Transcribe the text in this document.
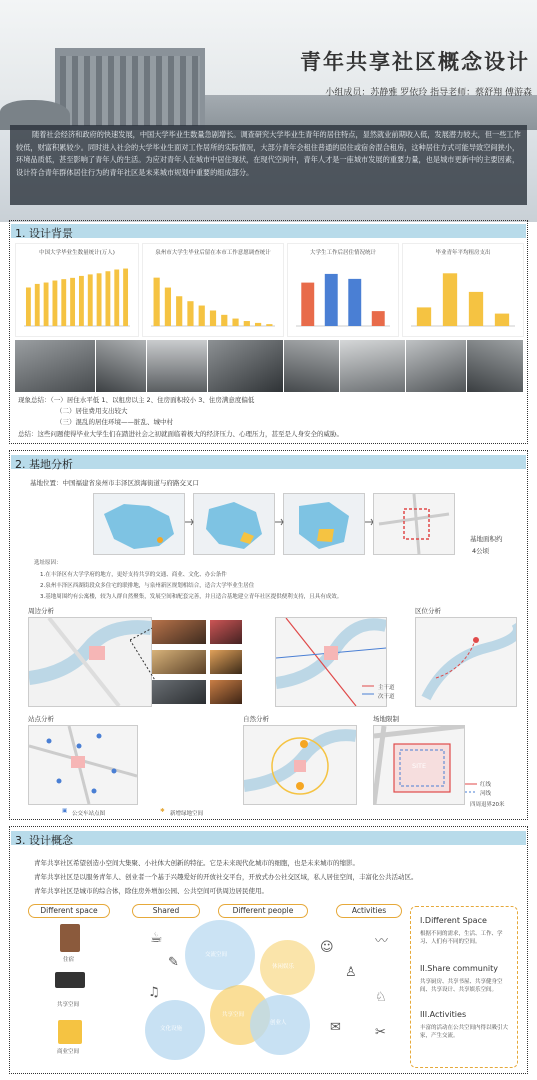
青年共享社区概念设计
小组成员：苏静雅 罗依玲 指导老师：蔡舒翔 傅游森
随着社会经济和政府的快速发展，中国大学毕业生数量急剧增长。调查研究大学毕业生青年的居住特点，显然就业前期收入低，发展潜力较大，但一些工作较低，财富积累较少。同时进入社会的大学毕业生面对工作居所的实际情况，大部分青年会租住普通的居住或宿舍混合租房，这种居住方式可能导致空间狭小，环境品质低，甚至影响了青年人的生活。为应对青年人在城市中居住现状，在现代空间中，青年人才是一座城市发展的重要力量，也是城市更新中的主要因素，设计符合青年群体居住行为的青年社区是未来城市规划中重要的组成部分。
1. 设计背景
中国大学毕业生数量统计(万人)	泉州市大学生毕业后留在本市工作意愿调查统计	大学生工作后居住情况统计	毕业青年平均租房支出
现象总结：（一）居住水平低 1、以租房以主 2、住房面积较小 3、住房满意度偏低
（二）居住费用支出较大
（三）混乱的居住环境——脏乱、城中村
总结：这些问题使得毕业大学生们在踏进社会之初就面临着极大的经济压力、心理压力，甚至是人身安全的威胁。
2. 基地分析
基地位置：中国福建省泉州市丰泽区滨海街道与府路交叉口
基地面积约
4公顷
选址原因：
1.在丰泽区有大学学府的地方，更好支持共享的交通、商业、文化、办公条件
2.泉州丰泽区西湖街段众多住宅的联排地，与泉州新区规划相结合，适合大学毕业生居住
3.基地周围约有公寓楼，较为人群自然聚集，发展空间和配套完善，并且适合基地建立青年社区提供便利支持，且具有成效。
周边分析
主干道
次干道
区位分析
站点分析
▣ 公交车站点图	✱ 新增绿地空间
自然分析	场地限制
SITE
红线
河线
四周退界20米
3. 设计概念
青年共享社区希望创造小空间大集聚、小社体大创新的特征。它是未来现代化城市的细胞，也是未来城市的缩影。
青年共享社区是以服务青年人、创业者一个基于兴趣爱好的开放社交平台，开放式办公社交区域，私人居住空间，丰富化公共活动区。
青年共享社区是城市的综合体，除住房外增加公园、公共空间可供周边居民使用。
Different space	Shared	Different people	Activities
住宿
共享空间
商业空间
交流空间
共享空间
创业人
文化设施
休闲娱乐
☕
✎
♫
☺	〰
♙
♘
✉	✂
I.Different Space
根据不同的需求，生活、工作、学习、人们有不同的空间。
II.Share community
共享厨房、共享书屋、共享健身空间、共享设计、共享娱乐空间。
III.Activities
丰富的活动在公共空间内得以吸引大家，产生交流。
